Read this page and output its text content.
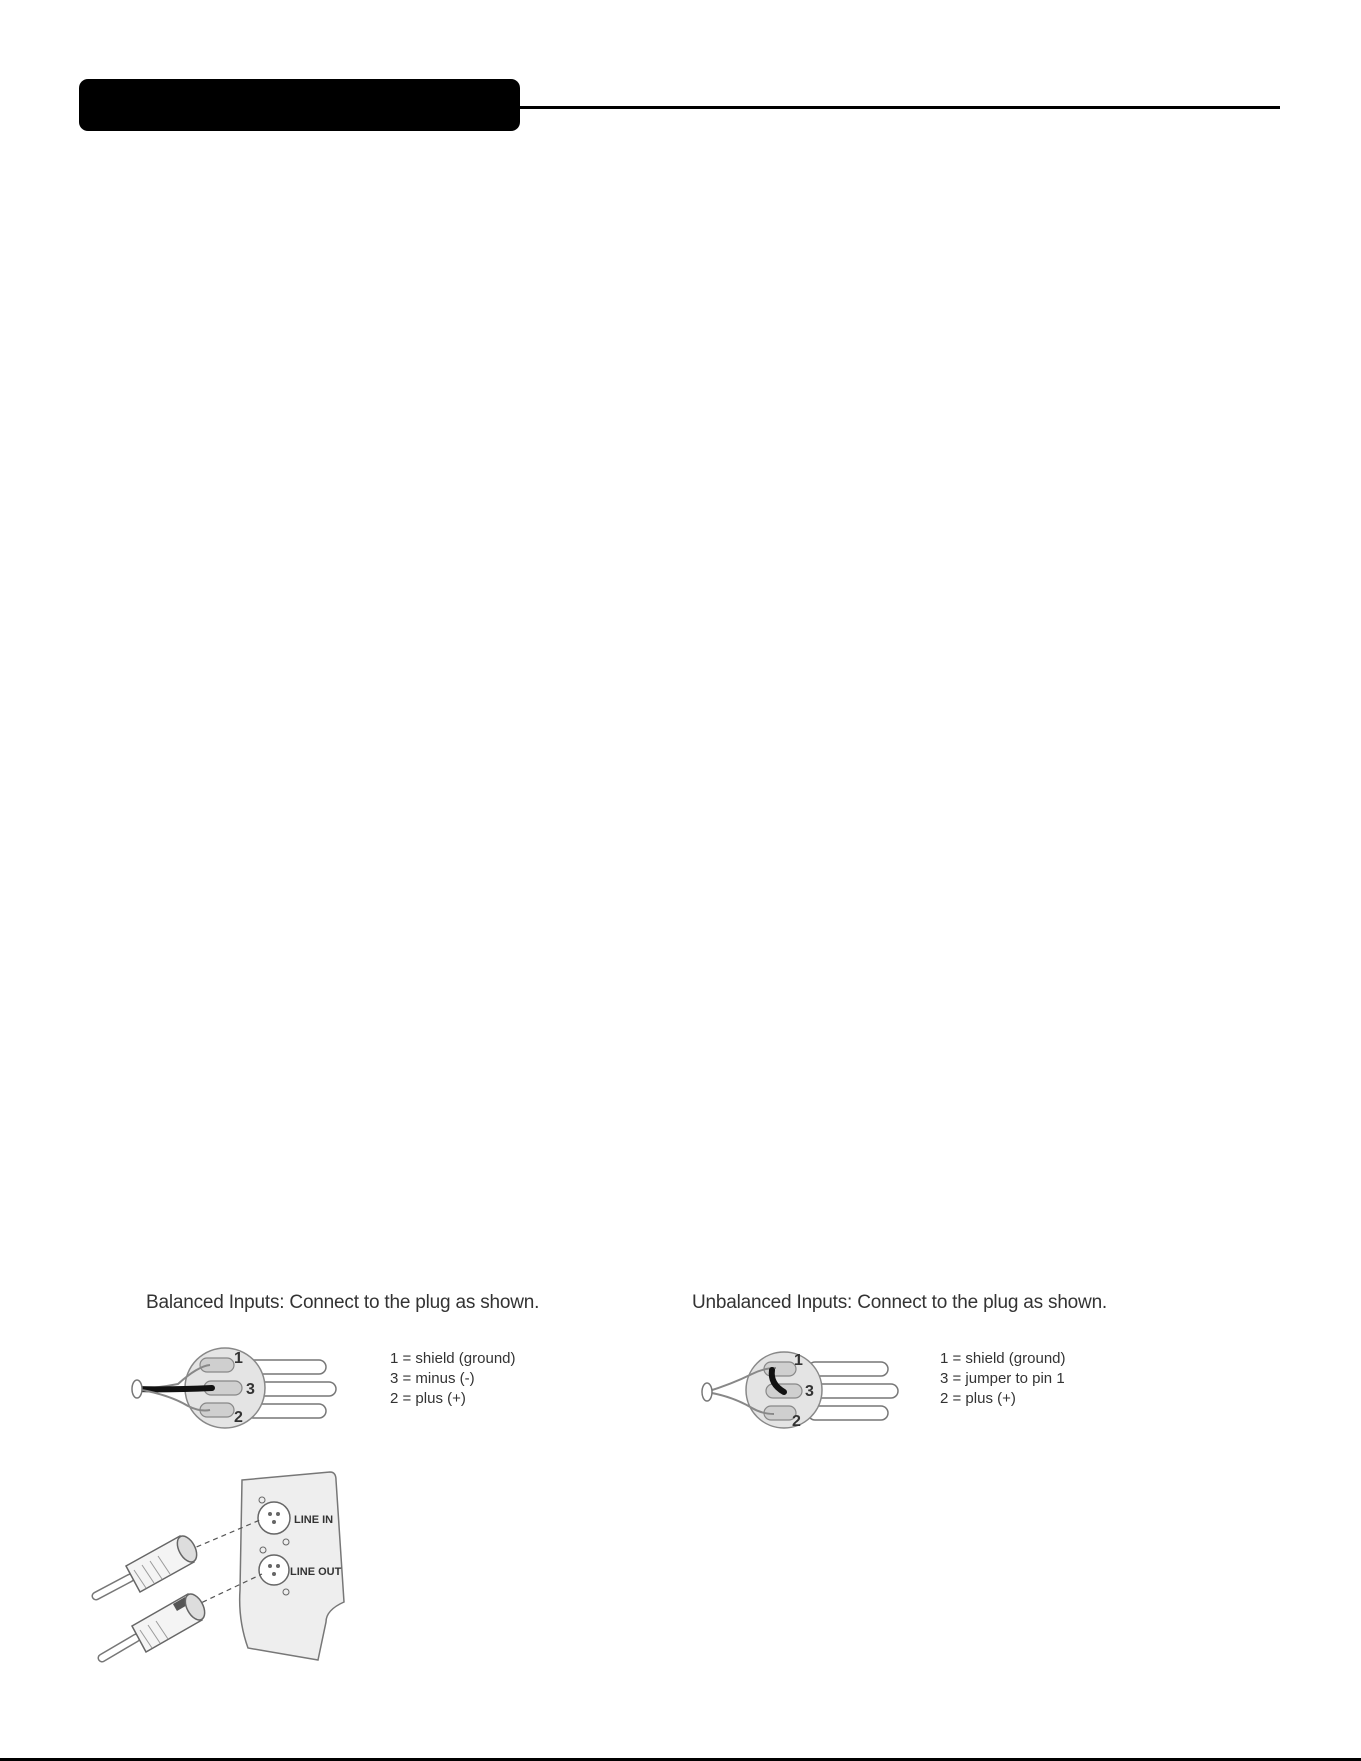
Balanced Inputs: Connect to the plug as shown.
1
3
2
1 = shield (ground)
3 = minus (-)
2 = plus (+)
LINE IN
LINE OUT
Unbalanced Inputs: Connect to the plug as shown.
1
3
2
1 = shield (ground)
3 = jumper to pin 1
2 = plus (+)
